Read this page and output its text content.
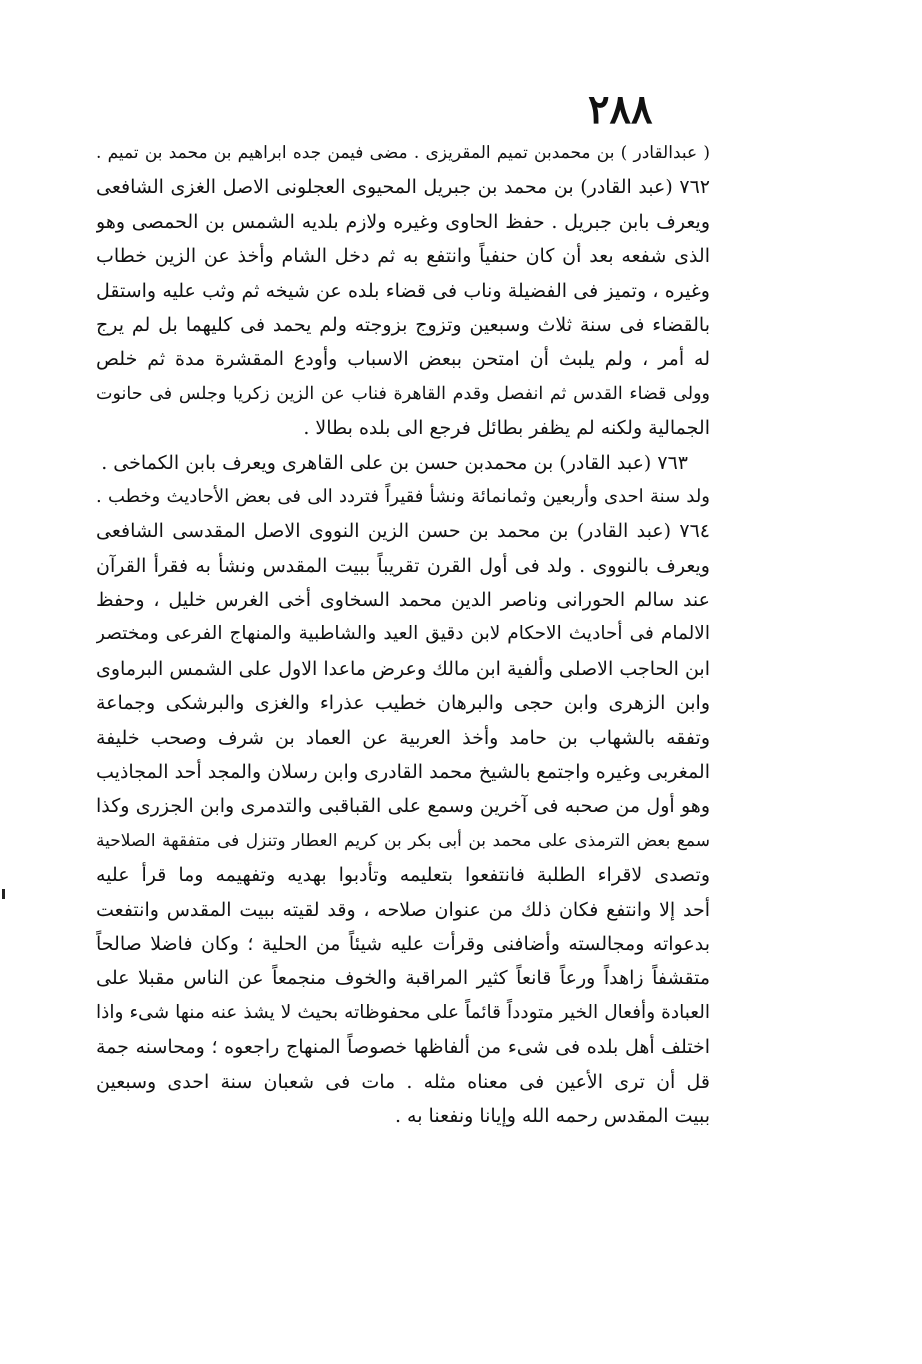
٢٨٨
( عبدالقادر ) بن محمدبن تميم المقريزى . مضى فيمن جده ابراهيم بن محمد بن تميم .
٧٦٢ (عبد القادر) بن محمد بن جبريل المحيوى العجلونى الاصل الغزى الشافعى
ويعرف بابن جبريل . حفظ الحاوى وغيره ولازم بلديه الشمس بن الحمصى وهو
الذى شفعه بعد أن كان حنفياً وانتفع به ثم دخل الشام وأخذ عن الزين خطاب
وغيره ، وتميز فى الفضيلة وناب فى قضاء بلده عن شيخه ثم وثب عليه واستقل
بالقضاء فى سنة ثلاث وسبعين وتزوج بزوجته ولم يحمد فى كليهما بل لم يرج
له أمر ، ولم يلبث أن امتحن ببعض الاسباب وأودع المقشرة مدة ثم خلص
وولى قضاء القدس ثم انفصل وقدم القاهرة فناب عن الزين زكريا وجلس فى حانوت
الجمالية ولكنه لم يظفر بطائل فرجع الى بلده بطالا .
٧٦٣ (عبد القادر) بن محمدبن حسن بن على القاهرى ويعرف بابن الكماخى .
ولد سنة احدى وأربعين وثمانمائة ونشأ فقيراً فتردد الى فى بعض الأحاديث وخطب .
٧٦٤ (عبد القادر) بن محمد بن حسن الزين النووى الاصل المقدسى الشافعى
ويعرف بالنووى . ولد فى أول القرن تقريباً ببيت المقدس ونشأ به فقرأ القرآن
عند سالم الحورانى وناصر الدين محمد السخاوى أخى الغرس خليل ، وحفظ
الالمام فى أحاديث الاحكام لابن دقيق العيد والشاطبية والمنهاج الفرعى ومختصر
ابن الحاجب الاصلى وألفية ابن مالك وعرض ماعدا الاول على الشمس البرماوى
وابن الزهرى وابن حجى والبرهان خطيب عذراء والغزى والبرشكى وجماعة
وتفقه بالشهاب بن حامد وأخذ العربية عن العماد بن شرف وصحب خليفة
المغربى وغيره واجتمع بالشيخ محمد القادرى وابن رسلان والمجد أحد المجاذيب
وهو أول من صحبه فى آخرين وسمع على القباقبى والتدمرى وابن الجزرى وكذا
سمع بعض الترمذى على محمد بن أبى بكر بن كريم العطار وتنزل فى متفقهة الصلاحية
وتصدى لاقراء الطلبة فانتفعوا بتعليمه وتأدبوا بهديه وتفهيمه وما قرأ عليه
أحد إلا وانتفع فكان ذلك من عنوان صلاحه ، وقد لقيته ببيت المقدس وانتفعت
بدعواته ومجالسته وأضافنى وقرأت عليه شيئاً من الحلية ؛ وكان فاضلا صالحاً
متقشفاً زاهداً ورعاً قانعاً كثير المراقبة والخوف منجمعاً عن الناس مقبلا على
العبادة وأفعال الخير متودداً قائماً على محفوظاته بحيث لا يشذ عنه منها شىء واذا
اختلف أهل بلده فى شىء من ألفاظها خصوصاً المنهاج راجعوه ؛ ومحاسنه جمة
قل أن ترى الأعين فى معناه مثله . مات فى شعبان سنة احدى وسبعين
ببيت المقدس رحمه الله وإيانا ونفعنا به .
